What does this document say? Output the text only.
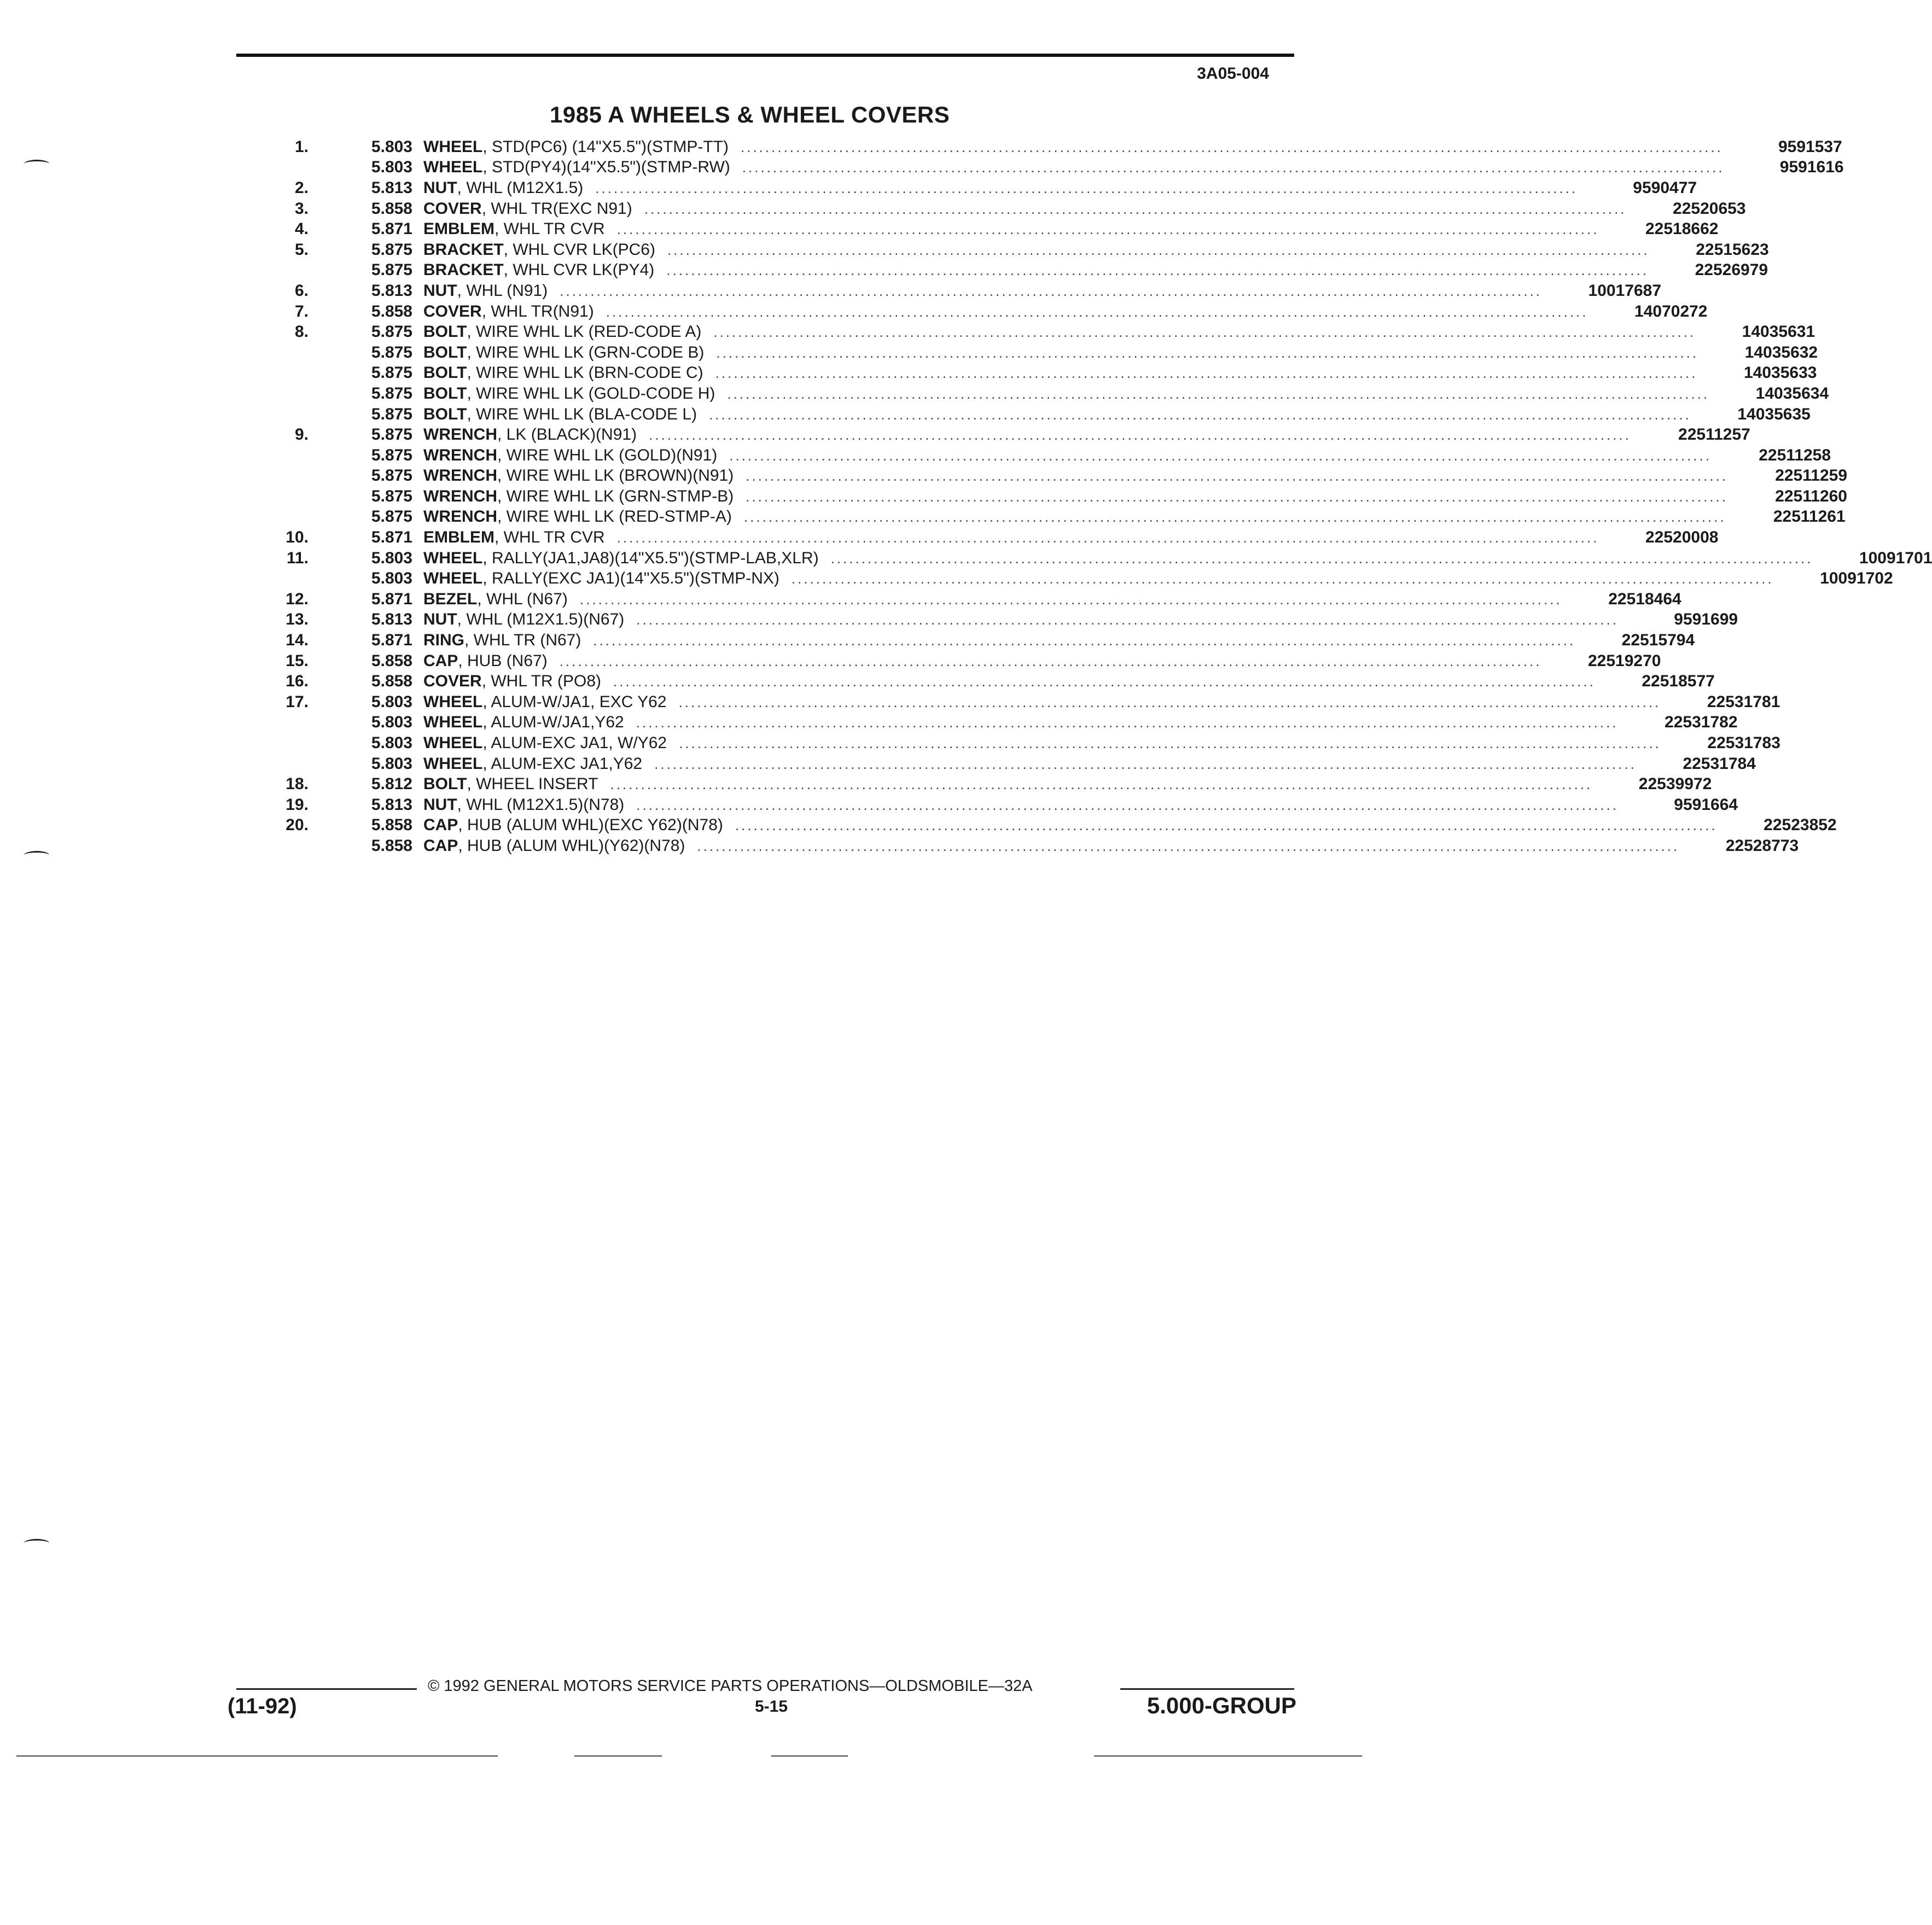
3A05-004
1985 A WHEELS & WHEEL COVERS
1.	5.803 WHEEL , STD(PC6) (14"X5.5")(STMP-TT) ................................................................................................................................................................	9591537
5.803 WHEEL , STD(PY4)(14"X5.5")(STMP-RW) ................................................................................................................................................................	9591616
2.	5.813 NUT , WHL (M12X1.5) ................................................................................................................................................................	9590477
3.	5.858 COVER , WHL TR(EXC N91) ................................................................................................................................................................	22520653
4.	5.871 EMBLEM , WHL TR CVR ................................................................................................................................................................	22518662
5.	5.875 BRACKET , WHL CVR LK(PC6) ................................................................................................................................................................	22515623
5.875 BRACKET , WHL CVR LK(PY4) ................................................................................................................................................................	22526979
6.	5.813 NUT , WHL (N91) ................................................................................................................................................................	10017687
7.	5.858 COVER , WHL TR(N91) ................................................................................................................................................................	14070272
8.	5.875 BOLT , WIRE WHL LK (RED-CODE A) ................................................................................................................................................................	14035631
5.875 BOLT , WIRE WHL LK (GRN-CODE B) ................................................................................................................................................................	14035632
5.875 BOLT , WIRE WHL LK (BRN-CODE C) ................................................................................................................................................................	14035633
5.875 BOLT , WIRE WHL LK (GOLD-CODE H) ................................................................................................................................................................	14035634
5.875 BOLT , WIRE WHL LK (BLA-CODE L) ................................................................................................................................................................	14035635
9.	5.875 WRENCH , LK (BLACK)(N91) ................................................................................................................................................................	22511257
5.875 WRENCH , WIRE WHL LK (GOLD)(N91) ................................................................................................................................................................	22511258
5.875 WRENCH , WIRE WHL LK (BROWN)(N91) ................................................................................................................................................................	22511259
5.875 WRENCH , WIRE WHL LK (GRN-STMP-B) ................................................................................................................................................................	22511260
5.875 WRENCH , WIRE WHL LK (RED-STMP-A) ................................................................................................................................................................	22511261
10.	5.871 EMBLEM , WHL TR CVR ................................................................................................................................................................	22520008
11.	5.803 WHEEL , RALLY(JA1,JA8)(14"X5.5")(STMP-LAB,XLR) ................................................................................................................................................................	10091701
5.803 WHEEL , RALLY(EXC JA1)(14"X5.5")(STMP-NX) ................................................................................................................................................................	10091702
12.	5.871 BEZEL , WHL (N67) ................................................................................................................................................................	22518464
13.	5.813 NUT , WHL (M12X1.5)(N67) ................................................................................................................................................................	9591699
14.	5.871 RING , WHL TR (N67) ................................................................................................................................................................	22515794
15.	5.858 CAP , HUB (N67) ................................................................................................................................................................	22519270
16.	5.858 COVER , WHL TR (PO8) ................................................................................................................................................................	22518577
17.	5.803 WHEEL , ALUM-W/JA1, EXC Y62 ................................................................................................................................................................	22531781
5.803 WHEEL , ALUM-W/JA1,Y62 ................................................................................................................................................................	22531782
5.803 WHEEL , ALUM-EXC JA1, W/Y62 ................................................................................................................................................................	22531783
5.803 WHEEL , ALUM-EXC JA1,Y62 ................................................................................................................................................................	22531784
18.	5.812 BOLT , WHEEL INSERT ................................................................................................................................................................	22539972
19.	5.813 NUT , WHL (M12X1.5)(N78) ................................................................................................................................................................	9591664
20.	5.858 CAP , HUB (ALUM WHL)(EXC Y62)(N78) ................................................................................................................................................................	22523852
5.858 CAP , HUB (ALUM WHL)(Y62)(N78) ................................................................................................................................................................	22528773
© 1992 GENERAL MOTORS SERVICE PARTS OPERATIONS—OLDSMOBILE—32A
(11-92)	5-15	5.000-GROUP
